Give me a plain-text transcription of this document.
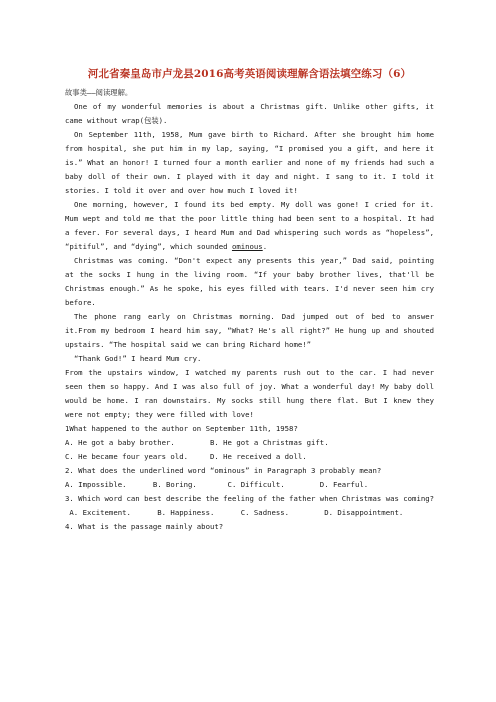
河北省秦皇岛市卢龙县2016高考英语阅读理解含语法填空练习（6）

故事类——阅读理解。

One of my wonderful memories is about a Christmas gift. Unlike other gifts, it came without wrap(包装).

On September 11th, 1958, Mum gave birth to Richard. After she brought him home from hospital, she put him in my lap, saying, “I promised you a gift, and here it is.” What an honor! I turned four a month earlier and none of my friends had such a baby doll of their own. I played with it day and night. I sang to it. I told it stories. I told it over and over how much I loved it!

One morning, however, I found its bed empty. My doll was gone! I cried for it. Mum wept and told me that the poor little thing had been sent to a hospital. It had a fever. For several days, I heard Mum and Dad whispering such words as “hopeless”, “pitiful”, and “dying”, which sounded ominous.

Christmas was coming. “Don't expect any presents this year,” Dad said, pointing at the socks I hung in the living room. “If your baby brother lives, that'll be Christmas enough.” As he spoke, his eyes filled with tears. I'd never seen him cry before.

The phone rang early on Christmas morning. Dad jumped out of bed to answer it.From my bedroom I heard him say, “What? He's all right?” He hung up and shouted upstairs. “The hospital said we can bring Richard home!”

“Thank God!” I heard Mum cry.

From the upstairs window, I watched my parents rush out to the car. I had never seen them so happy. And I was also full of joy. What a wonderful day! My baby doll would be home. I ran downstairs. My socks still hung there flat. But I knew they were not empty; they were filled with love!

1What happened to the author on September 11th, 1958?

A. He got a baby brother.        B. He got a Christmas gift.

C. He became four years old.     D. He received a doll.

2. What does the underlined word “ominous” in Paragraph 3 probably mean?

A. Impossible.      B. Boring.       C. Difficult.        D. Fearful.

3. Which word can best describe the feeling of the father when Christmas was coming?

A. Excitement.      B. Happiness.      C. Sadness.        D. Disappointment.

4. What is the passage mainly about?
